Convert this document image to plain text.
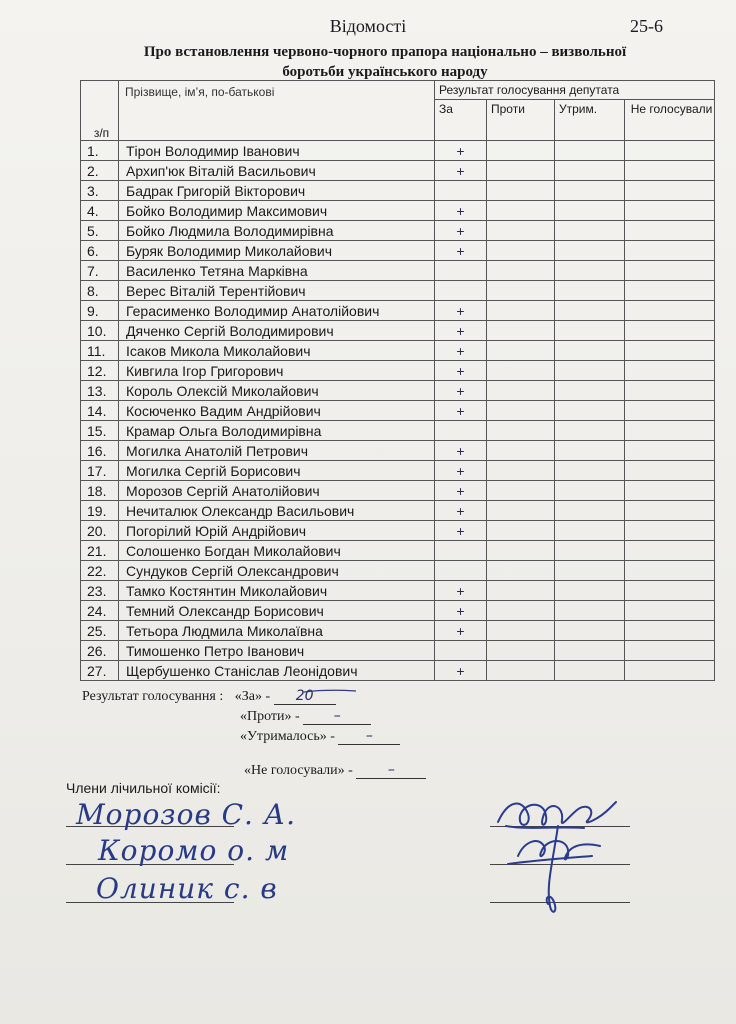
Відомості	25-6
Про встановлення червоно-чорного прапора національно – визвольної
боротьби українського народу
з/п	Прізвище, ім’я, по-батькові	Результат голосування депутата			
		За	Проти	Утрим.	Не голосували
1.	Тірон Володимир Іванович	+			
2.	Архип'юк Віталій Васильович	+			
3.	Бадрак Григорій Вікторович				
4.	Бойко Володимир Максимович	+			
5.	Бойко Людмила Володимирівна	+			
6.	Буряк Володимир Миколайович	+			
7.	Василенко Тетяна Марківна				
8.	Верес Віталій Терентійович				
9.	Герасименко Володимир Анатолійович	+			
10.	Дяченко Сергій Володимирович	+			
11.	Ісаков Микола Миколайович	+			
12.	Кивгила Ігор Григорович	+			
13.	Король Олексій Миколайович	+			
14.	Косюченко Вадим Андрійович	+			
15.	Крамар Ольга Володимирівна				
16.	Могилка Анатолій Петрович	+			
17.	Могилка Сергій Борисович	+			
18.	Морозов Сергій Анатолійович	+			
19.	Нечиталюк Олександр Васильович	+			
20.	Погорілий Юрій Андрійович	+			
21.	Солошенко Богдан Миколайович				
22.	Сундуков Сергій Олександрович				
23.	Тамко Костянтин Миколайович	+			
24.	Темний Олександр Борисович	+			
25.	Тетьора Людмила Миколаївна	+			
26.	Тимошенко Петро Іванович				
27.	Щербушенко Станіслав Леонідович	+			
Результат голосування : «За» - 20
«Проти» - –
«Утрималось» - –
«Не голосували» -	–
Члени лічильної комісії:
Морозов С. А.
Коромо о. м
Олиник с. в
